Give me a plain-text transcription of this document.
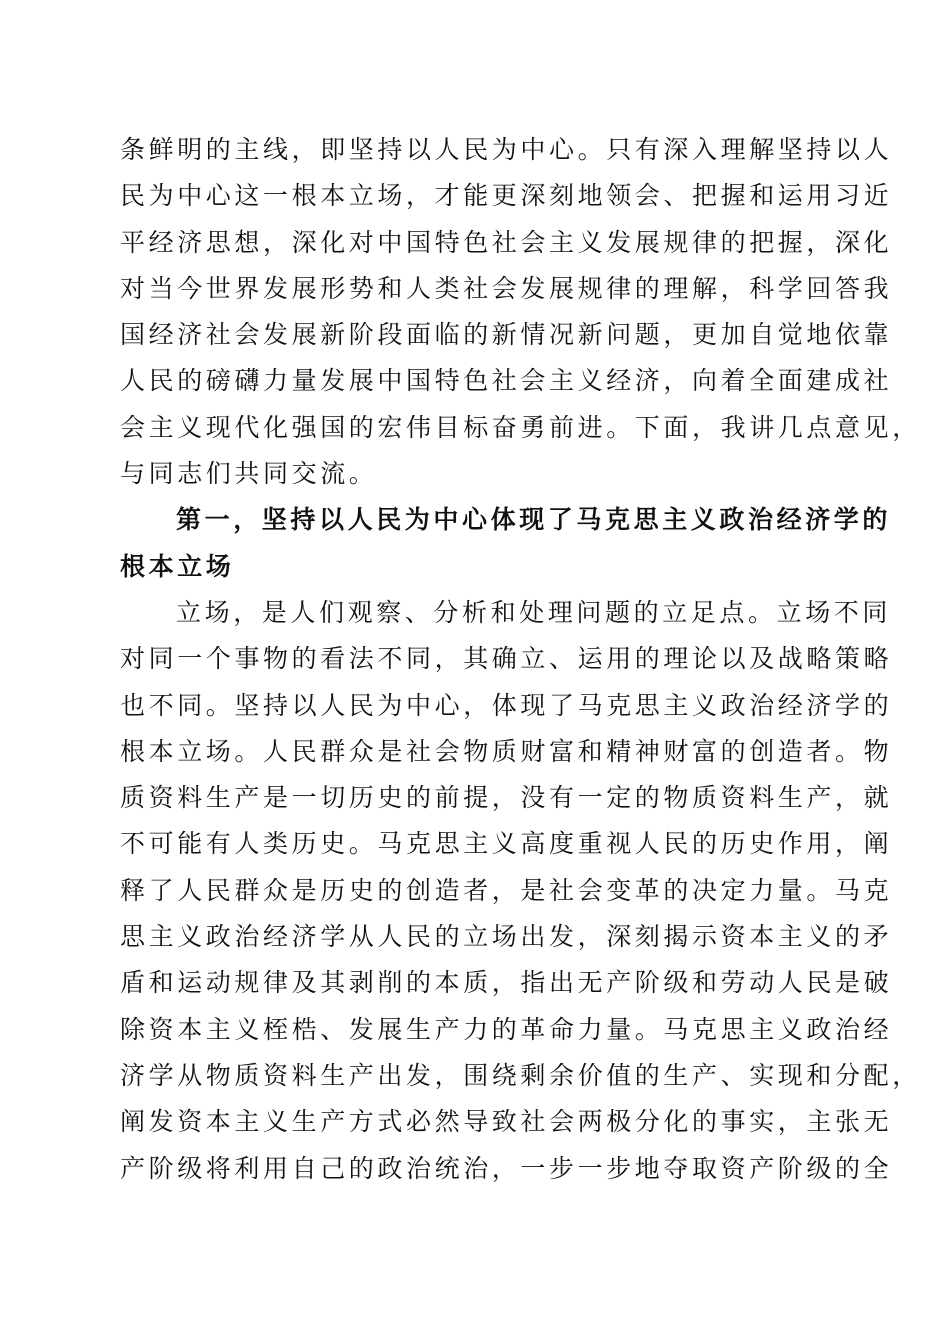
条鲜明的主线，即坚持以人民为中心。只有深入理解坚持以人

民为中心这一根本立场，才能更深刻地领会、把握和运用习近

平经济思想，深化对中国特色社会主义发展规律的把握，深化

对当今世界发展形势和人类社会发展规律的理解，科学回答我

国经济社会发展新阶段面临的新情况新问题，更加自觉地依靠

人民的磅礴力量发展中国特色社会主义经济，向着全面建成社

会主义现代化强国的宏伟目标奋勇前进。下面，我讲几点意见，

与同志们共同交流。

第一，坚持以人民为中心体现了马克思主义政治经济学的

根本立场

立场，是人们观察、分析和处理问题的立足点。立场不同

对同一个事物的看法不同，其确立、运用的理论以及战略策略

也不同。坚持以人民为中心，体现了马克思主义政治经济学的

根本立场。人民群众是社会物质财富和精神财富的创造者。物

质资料生产是一切历史的前提，没有一定的物质资料生产，就

不可能有人类历史。马克思主义高度重视人民的历史作用，阐

释了人民群众是历史的创造者，是社会变革的决定力量。马克

思主义政治经济学从人民的立场出发，深刻揭示资本主义的矛

盾和运动规律及其剥削的本质，指出无产阶级和劳动人民是破

除资本主义桎梏、发展生产力的革命力量。马克思主义政治经

济学从物质资料生产出发，围绕剩余价值的生产、实现和分配，

阐发资本主义生产方式必然导致社会两极分化的事实，主张无

产阶级将利用自己的政治统治，一步一步地夺取资产阶级的全
